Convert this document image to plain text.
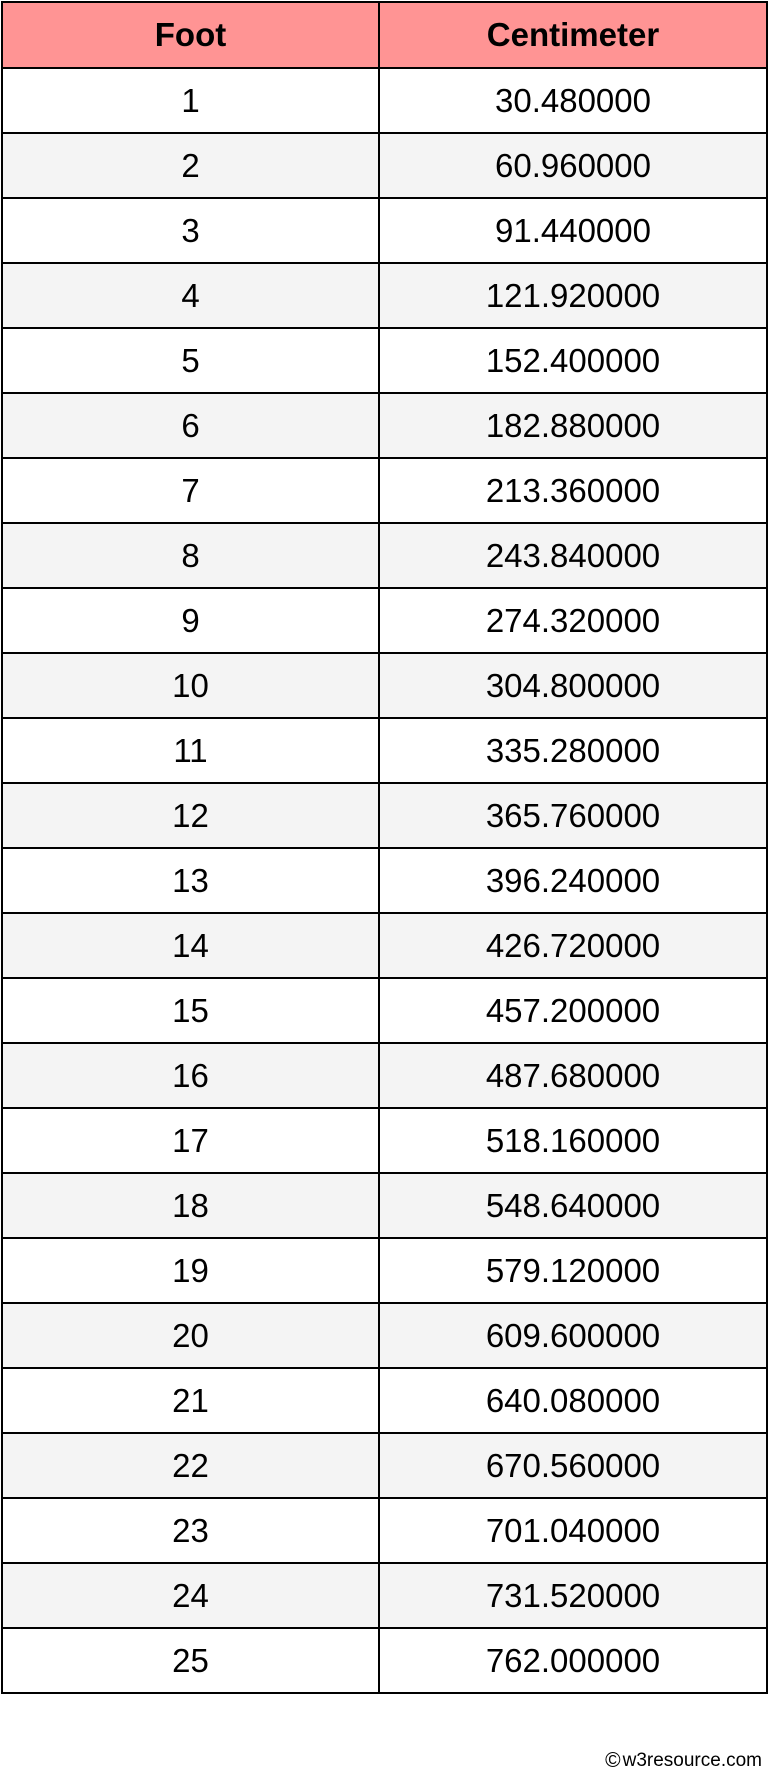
Foot	Centimeter
1	30.480000
2	60.960000
3	91.440000
4	121.920000
5	152.400000
6	182.880000
7	213.360000
8	243.840000
9	274.320000
10	304.800000
11	335.280000
12	365.760000
13	396.240000
14	426.720000
15	457.200000
16	487.680000
17	518.160000
18	548.640000
19	579.120000
20	609.600000
21	640.080000
22	670.560000
23	701.040000
24	731.520000
25	762.000000
© w3resource.com
